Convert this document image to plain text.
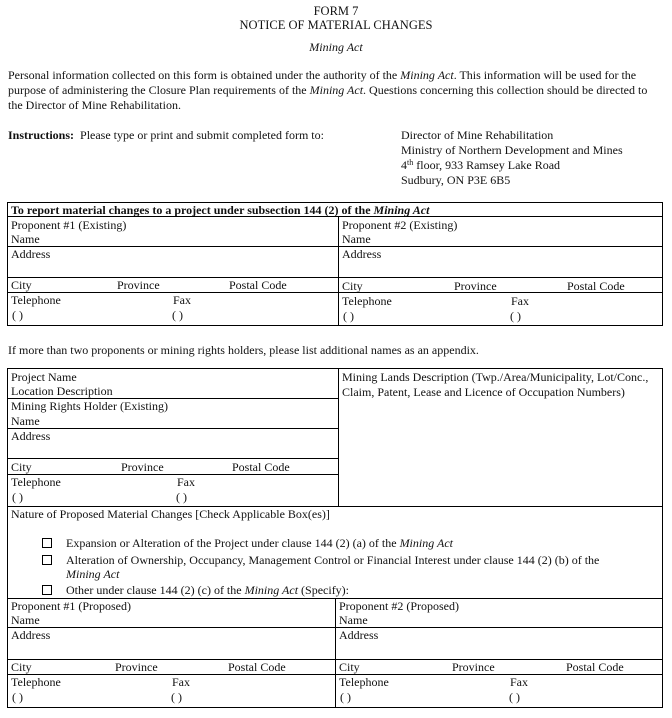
FORM 7
NOTICE OF MATERIAL CHANGES
Mining Act
Personal information collected on this form is obtained under the authority of the Mining Act. This information will be used for the purpose of administering the Closure Plan requirements of the Mining Act. Questions concerning this collection should be directed to the Director of Mine Rehabilitation.
Instructions: Please type or print and submit completed form to:	Director of Mine Rehabilitation
Ministry of Northern Development and Mines
4th floor, 933 Ramsey Lake Road
Sudbury, ON P3E 6B5
To report material changes to a project under subsection 144 (2) of the Mining Act
Proponent #1 (Existing)
Name
Address
City	Province	Postal Code
Telephone
( )
Fax
( )
Proponent #2 (Existing)
Name
Address
City	Province	Postal Code
Telephone
( )
Fax
( )
If more than two proponents or mining rights holders, please list additional names as an appendix.
Project Name
Location Description
Mining Rights Holder (Existing)
Name
Address
City	Province	Postal Code
Telephone
( )
Fax
( )
Mining Lands Description (Twp./Area/Municipality, Lot/Conc., Claim, Patent, Lease and Licence of Occupation Numbers)
Nature of Proposed Material Changes [Check Applicable Box(es)]
Expansion or Alteration of the Project under clause 144 (2) (a) of the Mining Act
Alteration of Ownership, Occupancy, Management Control or Financial Interest under clause 144 (2) (b) of the
Mining Act
Other under clause 144 (2) (c) of the Mining Act (Specify):
Proponent #1 (Proposed)
Name
Address
City	Province	Postal Code
Telephone
( )
Fax
( )
Proponent #2 (Proposed)
Name
Address
City	Province	Postal Code
Telephone
( )
Fax
( )
